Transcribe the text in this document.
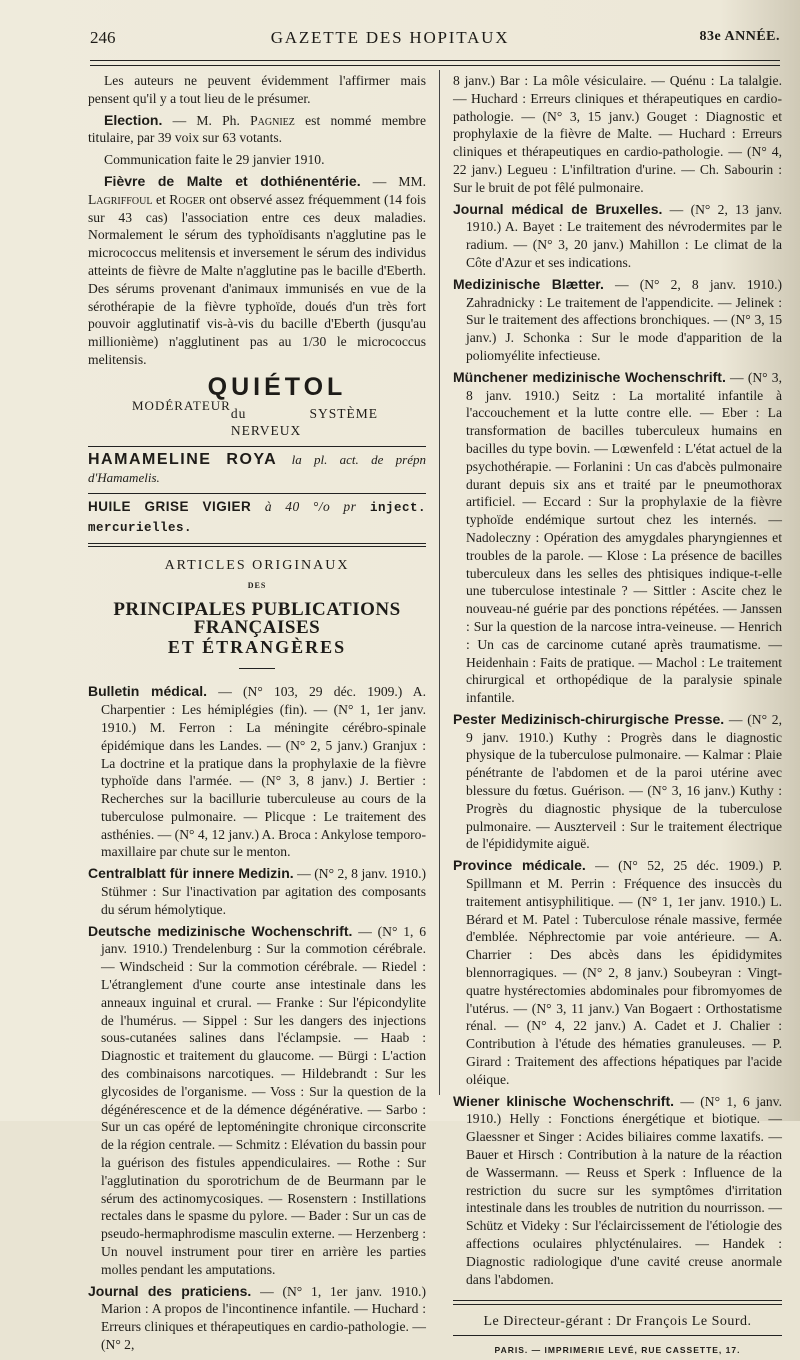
246	GAZETTE DES HOPITAUX	83e ANNÉE.

Les auteurs ne peuvent évidemment l'affirmer mais pensent qu'il y a tout lieu de le présumer.

Election. — M. Ph. Pagniez est nommé membre titulaire, par 39 voix sur 63 votants.

Communication faite le 29 janvier 1910.

Fièvre de Malte et dothiénentérie. — MM. Lagriffoul et Roger ont observé assez fréquemment (14 fois sur 43 cas) l'association entre ces deux maladies. Normalement le sérum des typhoïdisants n'agglutine pas le micrococcus melitensis et inversement le sérum des individus atteints de fièvre de Malte n'agglutine pas le bacille d'Eberth. Des sérums provenant d'animaux immunisés en vue de la sérothérapie de la fièvre typhoïde, doués d'un très fort pouvoir agglutinatif vis-à-vis du bacille d'Eberth (jusqu'au millionième) n'agglutinent pas au 1/30 le micrococcus melitensis.

QUIÉTOL
MODÉRATEUR
du	SYSTÈME NERVEUX
HAMAMELINE ROYA la pl. act. de prépn d'Hamamelis.
HUILE GRISE VIGIER à 40 °/o pr inject. mercurielles.
ARTICLES ORIGINAUX
DES
PRINCIPALES PUBLICATIONS FRANÇAISES
ET ÉTRANGÈRES

Bulletin médical. — (N° 103, 29 déc. 1909.) A. Charpentier : Les hémiplégies (fin). — (N° 1, 1er janv. 1910.) M. Ferron : La méningite cérébro-spinale épidémique dans les Landes. — (N° 2, 5 janv.) Granjux : La doctrine et la pratique dans la prophylaxie de la fièvre typhoïde dans l'armée. — (N° 3, 8 janv.) J. Bertier : Recherches sur la bacillurie tuberculeuse au cours de la tuberculose pulmonaire. — Plicque : Le traitement des asthénies. — (N° 4, 12 janv.) A. Broca : Ankylose temporo-maxillaire par chute sur le menton.

Centralblatt für innere Medizin. — (N° 2, 8 janv. 1910.) Stühmer : Sur l'inactivation par agitation des composants du sérum hémolytique.

Deutsche medizinische Wochenschrift. — (N° 1, 6 janv. 1910.) Trendelenburg : Sur la commotion cérébrale. — Windscheid : Sur la commotion cérébrale. — Riedel : L'étranglement d'une courte anse intestinale dans les anneaux inguinal et crural. — Franke : Sur l'épicondylite de l'humérus. — Sippel : Sur les dangers des injections sous-cutanées salines dans l'éclampsie. — Haab : Diagnostic et traitement du glaucome. — Bürgi : L'action des combinaisons narcotiques. — Hildebrandt : Sur les glycosides de l'organisme. — Voss : Sur la question de la dégénérescence et de la démence dégénérative. — Sarbo : Sur un cas opéré de leptoméningite chronique circonscrite de la région centrale. — Schmitz : Elévation du bassin pour la guérison des fistules appendiculaires. — Rothe : Sur l'agglutination du sporotrichum de de Beurmann par le sérum des actinomycosiques. — Rosenstern : Instillations rectales dans le spasme du pylore. — Bader : Sur un cas de pseudo-hermaphrodisme masculin externe. — Herzenberg : Un nouvel instrument pour tirer en arrière les parties molles pendant les amputations.

Journal des praticiens. — (N° 1, 1er janv. 1910.) Marion : A propos de l'incontinence infantile. — Huchard : Erreurs cliniques et thérapeutiques en cardio-pathologie. — (N° 2,

8 janv.) Bar : La môle vésiculaire. — Quénu : La talalgie. — Huchard : Erreurs cliniques et thérapeutiques en cardio-pathologie. — (N° 3, 15 janv.) Gouget : Diagnostic et prophylaxie de la fièvre de Malte. — Huchard : Erreurs cliniques et thérapeutiques en cardio-pathologie. — (N° 4, 22 janv.) Legueu : L'infiltration d'urine. — Ch. Sabourin : Sur le bruit de pot fêlé pulmonaire.

Journal médical de Bruxelles. — (N° 2, 13 janv. 1910.) A. Bayet : Le traitement des névrodermites par le radium. — (N° 3, 20 janv.) Mahillon : Le climat de la Côte d'Azur et ses indications.

Medizinische Blætter. — (N° 2, 8 janv. 1910.) Zahradnicky : Le traitement de l'appendicite. — Jelinek : Sur le traitement des affections bronchiques. — (N° 3, 15 janv.) J. Schonka : Sur le mode d'apparition de la poliomyélite infectieuse.

Münchener medizinische Wochenschrift. — (N° 3, 8 janv. 1910.) Seitz : La mortalité infantile à l'accouchement et la lutte contre elle. — Eber : La transformation de bacilles tuberculeux humains en bacilles du type bovin. — Lœwenfeld : L'état actuel de la psychothérapie. — Forlanini : Un cas d'abcès pulmonaire durant depuis six ans et traité par le pneumothorax artificiel. — Eccard : Sur la prophylaxie de la fièvre typhoïde endémique surtout chez les internés. — Nadoleczny : Opération des amygdales pharyngiennes et troubles de la parole. — Klose : La présence de bacilles tuberculeux dans les selles des phtisiques indique-t-elle une tuberculose intestinale ? — Sittler : Ascite chez le nouveau-né guérie par des ponctions répétées. — Janssen : Sur la question de la narcose intra-veineuse. — Henrich : Un cas de carcinome cutané après traumatisme. — Heidenhain : Faits de pratique. — Machol : Le traitement chirurgical et orthopédique de la paralysie spinale infantile.

Pester Medizinisch-chirurgische Presse. — (N° 2, 9 janv. 1910.) Kuthy : Progrès dans le diagnostic physique de la tuberculose pulmonaire. — Kalmar : Plaie pénétrante de l'abdomen et de la paroi utérine avec blessure du fœtus. Guérison. — (N° 3, 16 janv.) Kuthy : Progrès du diagnostic physique de la tuberculose pulmonaire. — Auszterveil : Sur le traitement électrique de l'épididymite aiguë.

Province médicale. — (N° 52, 25 déc. 1909.) P. Spillmann et M. Perrin : Fréquence des insuccès du traitement antisyphilitique. — (N° 1, 1er janv. 1910.) L. Bérard et M. Patel : Tuberculose rénale massive, fermée d'emblée. Néphrectomie par voie antérieure. — A. Charrier : Des abcès dans les épididymites blennorragiques. — (N° 2, 8 janv.) Soubeyran : Vingt-quatre hystérectomies abdominales pour fibromyomes de l'utérus. — (N° 3, 11 janv.) Van Bogaert : Orthostatisme rénal. — (N° 4, 22 janv.) A. Cadet et J. Chalier : Contribution à l'étude des hématies granuleuses. — P. Girard : Traitement des affections hépatiques par l'acide oléique.

Wiener klinische Wochenschrift. — (N° 1, 6 janv. 1910.) Helly : Fonctions énergétique et biotique. — Glaessner et Singer : Acides biliaires comme laxatifs. — Bauer et Hirsch : Contribution à la nature de la réaction de Wassermann. — Reuss et Sperk : Influence de la restriction du sucre sur les symptômes d'irritation intestinale dans les troubles de nutrition du nourrisson. — Schütz et Videky : Sur l'éclaircissement de l'étiologie des affections oculaires phlycténulaires. — Handek : Diagnostic radiologique d'une cavité creuse anormale dans l'abdomen.

Le Directeur-gérant : Dr François Le Sourd.
PARIS. — IMPRIMERIE LEVÉ, RUE CASSETTE, 17.
